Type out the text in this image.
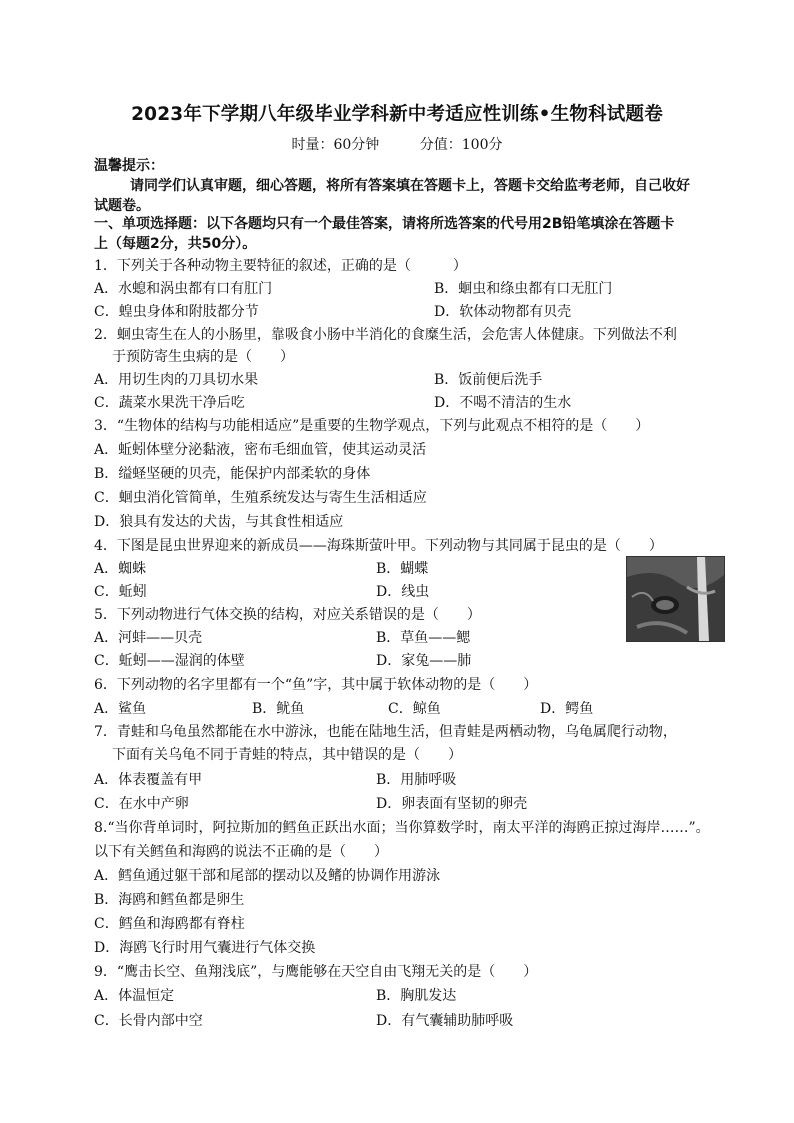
2023年下学期八年级毕业学科新中考适应性训练•生物科试题卷
时量：60分钟	分值：100分
温馨提示：
请同学们认真审题，细心答题，将所有答案填在答题卡上，答题卡交给监考老师，自己收好
试题卷。
一、单项选择题：以下各题均只有一个最佳答案，请将所选答案的代号用2B铅笔填涂在答题卡
上（每题2分，共50分）。
1．下列关于各种动物主要特征的叙述，正确的是（　　　）
A．水螅和涡虫都有口有肛门	B．蛔虫和绦虫都有口无肛门
C．蝗虫身体和附肢都分节	D．软体动物都有贝壳
2．蛔虫寄生在人的小肠里，靠吸食小肠中半消化的食糜生活，会危害人体健康。下列做法不利
于预防寄生虫病的是（　　）
A．用切生肉的刀具切水果	B．饭前便后洗手
C．蔬菜水果洗干净后吃	D．不喝不清洁的生水
3．“生物体的结构与功能相适应”是重要的生物学观点，下列与此观点不相符的是（　　）
A．蚯蚓体壁分泌黏液，密布毛细血管，使其运动灵活
B．缢蛏坚硬的贝壳，能保护内部柔软的身体
C．蛔虫消化管简单，生殖系统发达与寄生生活相适应
D．狼具有发达的犬齿，与其食性相适应
4．下图是昆虫世界迎来的新成员——海珠斯萤叶甲。下列动物与其同属于昆虫的是（　　）
A．蜘蛛	B．蝴蝶
C．蚯蚓	D．线虫
5．下列动物进行气体交换的结构，对应关系错误的是（　　）
A．河蚌——贝壳	B．草鱼——鳃
C．蚯蚓——湿润的体壁	D．家兔——肺
6．下列动物的名字里都有一个“鱼”字，其中属于软体动物的是（　　）
A．鲨鱼	B．鱿鱼	C．鲸鱼	D．鳄鱼
7．青蛙和乌龟虽然都能在水中游泳，也能在陆地生活，但青蛙是两栖动物，乌龟属爬行动物，
下面有关乌龟不同于青蛙的特点，其中错误的是（　　）
A．体表覆盖有甲	B．用肺呼吸
C．在水中产卵	D．卵表面有坚韧的卵壳
8.“当你背单词时，阿拉斯加的鳕鱼正跃出水面；当你算数学时，南太平洋的海鸥正掠过海岸……”。
以下有关鳕鱼和海鸥的说法不正确的是（　　）
A．鳕鱼通过躯干部和尾部的摆动以及鳍的协调作用游泳
B．海鸥和鳕鱼都是卵生
C．鳕鱼和海鸥都有脊柱
D．海鸥飞行时用气囊进行气体交换
9．“鹰击长空、鱼翔浅底”，与鹰能够在天空自由飞翔无关的是（　　）
A．体温恒定	B．胸肌发达
C．长骨内部中空	D．有气囊辅助肺呼吸
